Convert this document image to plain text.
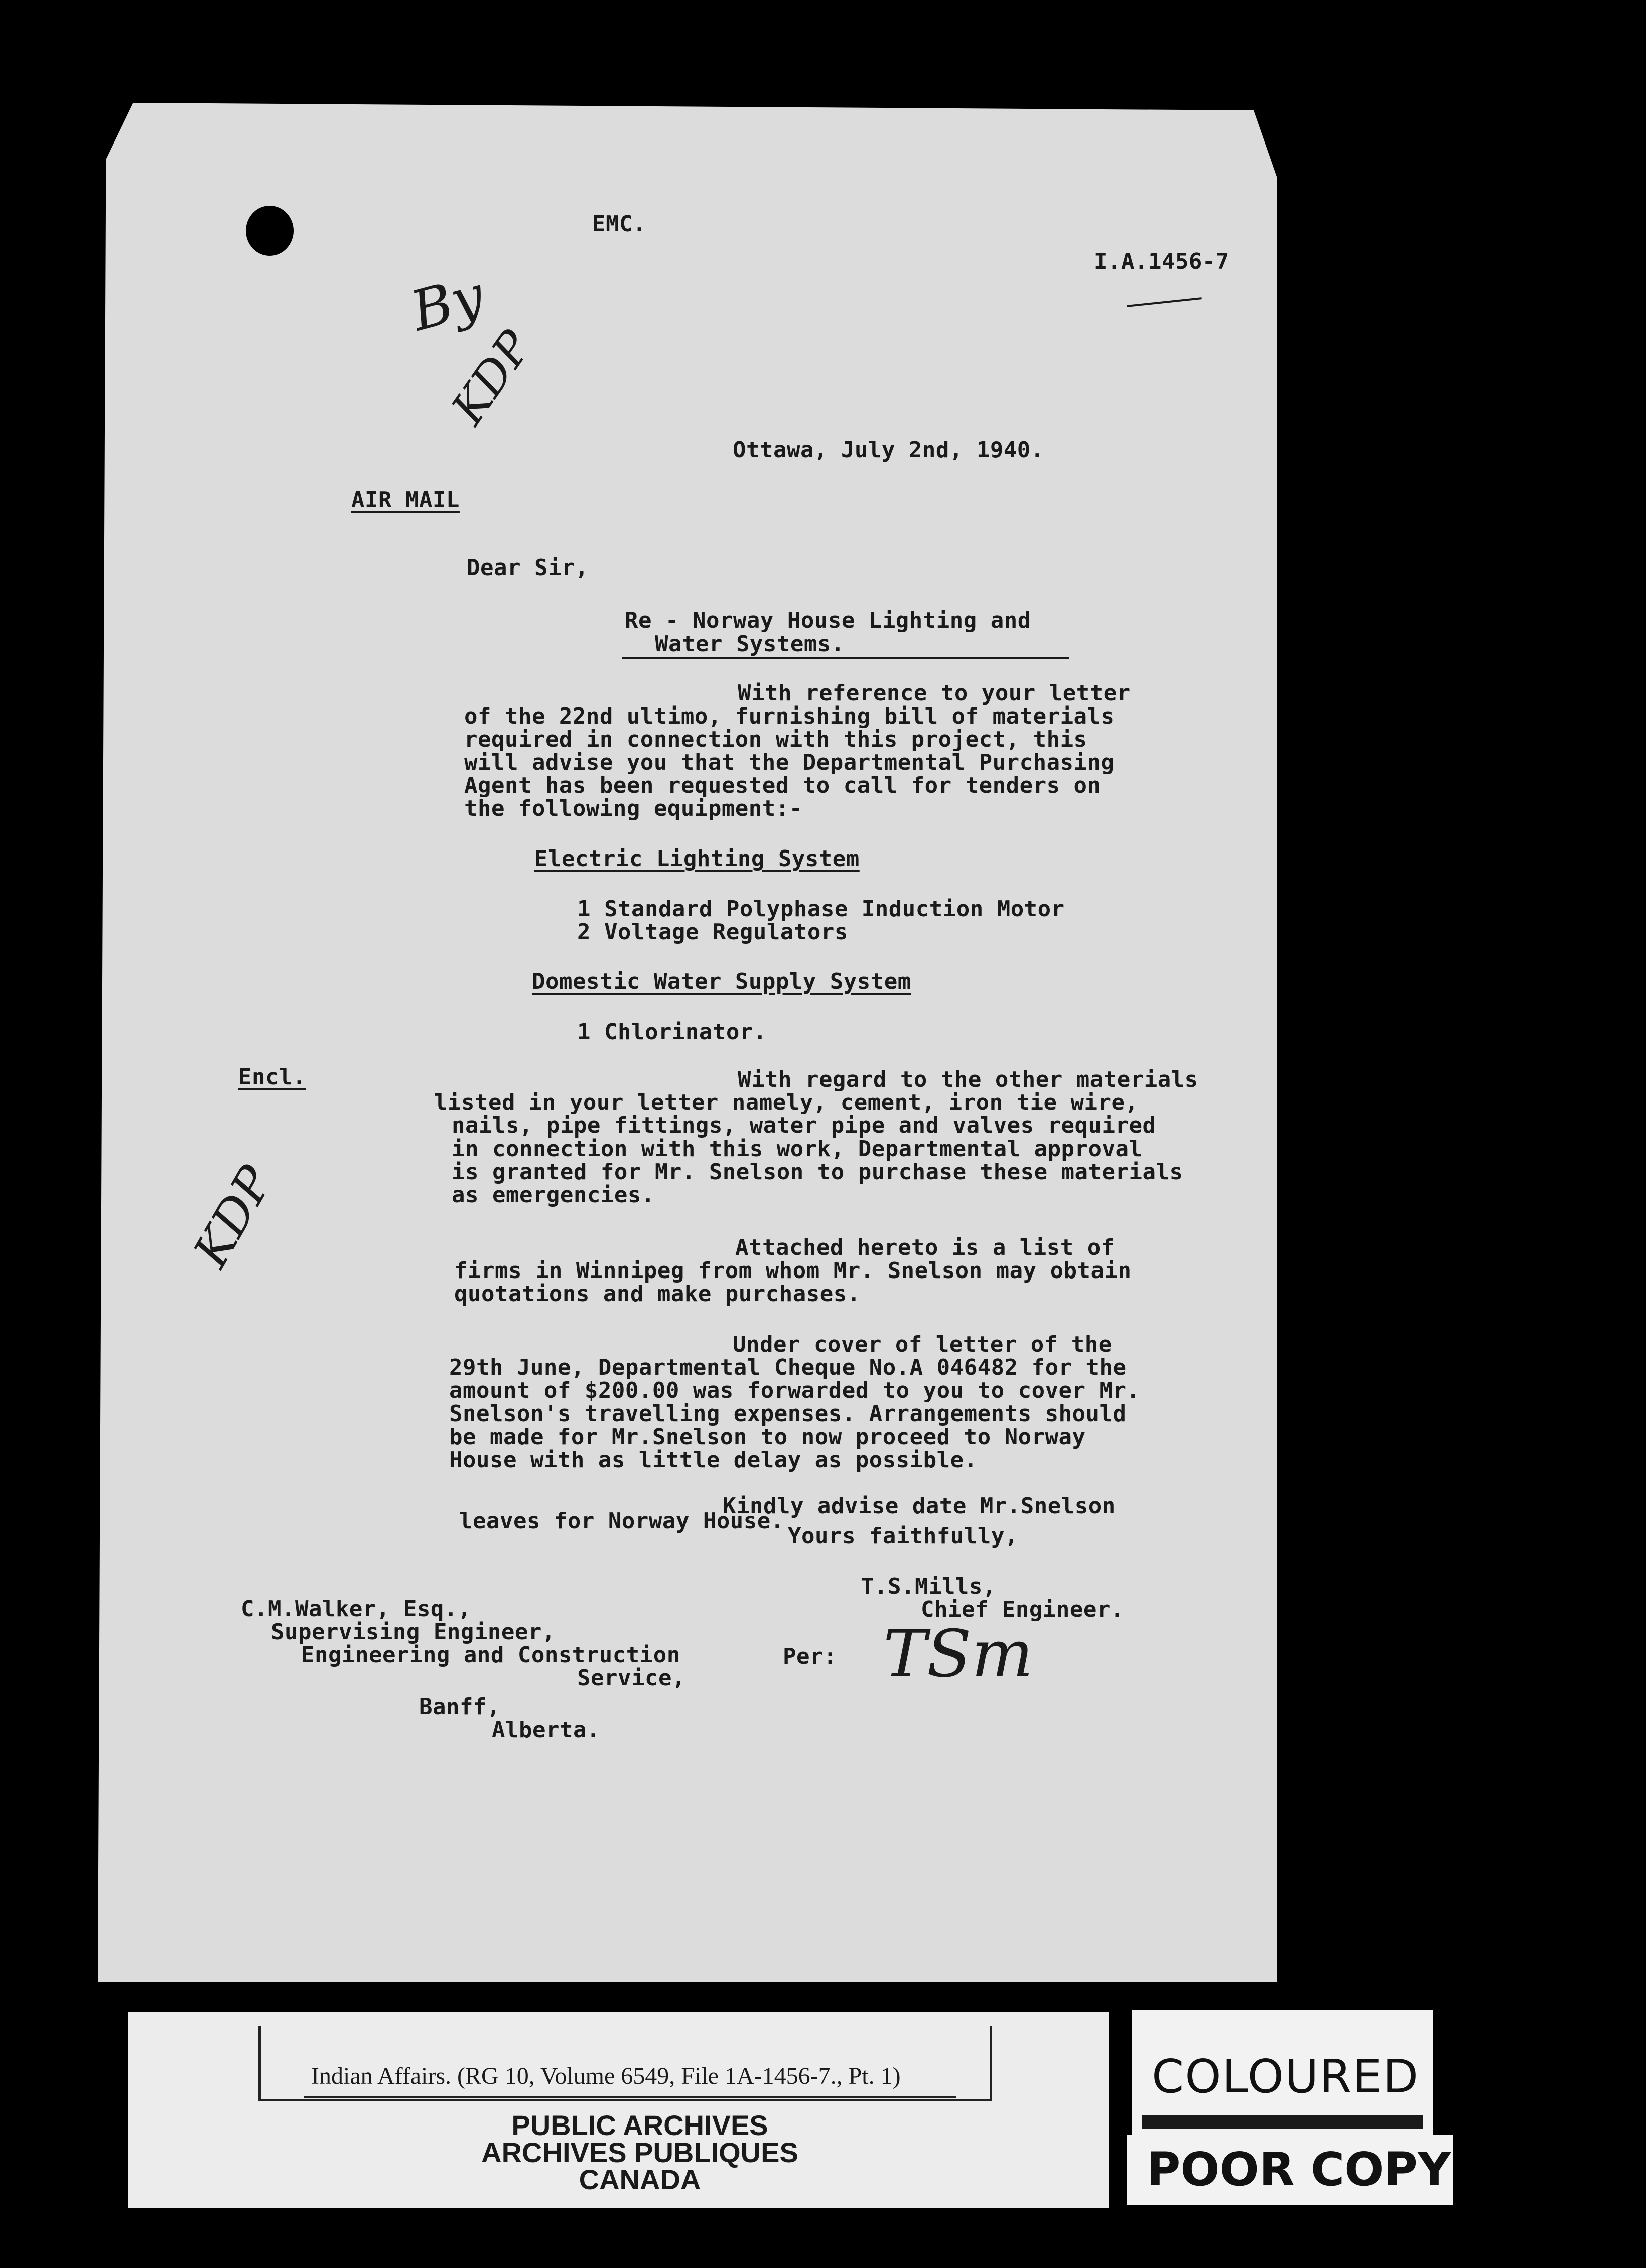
EMC.
I.A.1456-7
By
KDP
Ottawa, July 2nd, 1940.
AIR MAIL
Dear Sir,
Re - Norway House Lighting and
Water Systems.
With reference to your letter
of the 22nd ultimo, furnishing bill of materials
required in connection with this project, this
will advise you that the Departmental Purchasing
Agent has been requested to call for tenders on
the following equipment:-
Electric Lighting System
1 Standard Polyphase Induction Motor
2 Voltage Regulators
Domestic Water Supply System
1 Chlorinator.
Encl.
KDP
With regard to the other materials
listed in your letter namely, cement, iron tie wire,
nails, pipe fittings, water pipe and valves required
in connection with this work, Departmental approval
is granted for Mr. Snelson to purchase these materials
as emergencies.
Attached hereto is a list of
firms in Winnipeg from whom Mr. Snelson may obtain
quotations and make purchases.
Under cover of letter of the
29th June, Departmental Cheque No.A 046482 for the
amount of $200.00 was forwarded to you to cover Mr.
Snelson's travelling expenses. Arrangements should
be made for Mr.Snelson to now proceed to Norway
House with as little delay as possible.
Kindly advise date Mr.Snelson
leaves for Norway House.
Yours faithfully,
T.S.Mills,
Chief Engineer.
Per: TSm
C.M.Walker, Esq.,
Supervising Engineer,
Engineering and Construction
Service,
Banff,
Alberta.
Indian Affairs. (RG 10, Volume 6549, File 1A-1456-7., Pt. 1)
PUBLIC ARCHIVES
ARCHIVES PUBLIQUES
CANADA
COLOURED
POOR COPY
